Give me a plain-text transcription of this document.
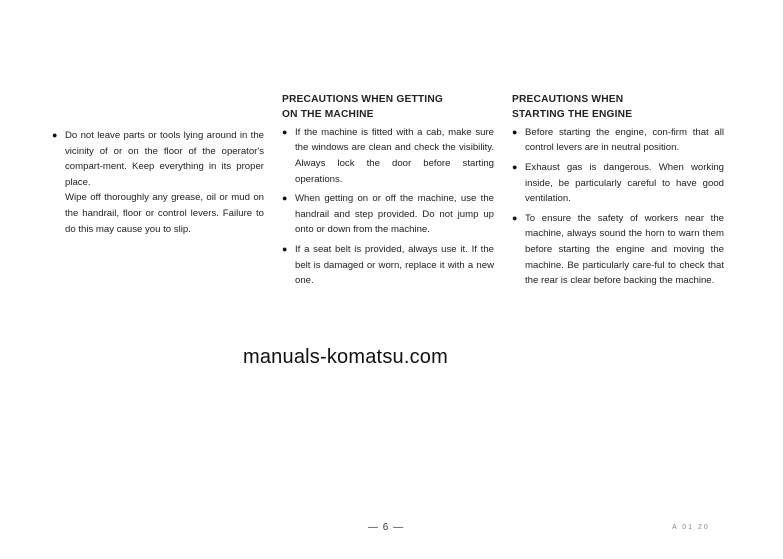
● Do not leave parts or tools lying around in the vicinity of or on the floor of the operator's compart-ment. Keep everything in its proper place.
Wipe off thoroughly any grease, oil or mud on the handrail, floor or control levers. Failure to do this may cause you to slip.
PRECAUTIONS WHEN GETTING
ON THE MACHINE
● If the machine is fitted with a cab, make sure the windows are clean and check the visibility. Always lock the door before starting operations.
● When getting on or off the machine, use the handrail and step provided. Do not jump up onto or down from the machine.
● If a seat belt is provided, always use it. If the belt is damaged or worn, replace it with a new one.
PRECAUTIONS WHEN
STARTING THE ENGINE
● Before starting the engine, con-firm that all control levers are in neutral position.
● Exhaust gas is dangerous. When working inside, be particularly careful to have good ventilation.
● To ensure the safety of workers near the machine, always sound the horn to warn them before starting the engine and moving the machine. Be particularly care-ful to check that the rear is clear before backing the machine.
manuals-komatsu.com
— 6 —	A 01 20
